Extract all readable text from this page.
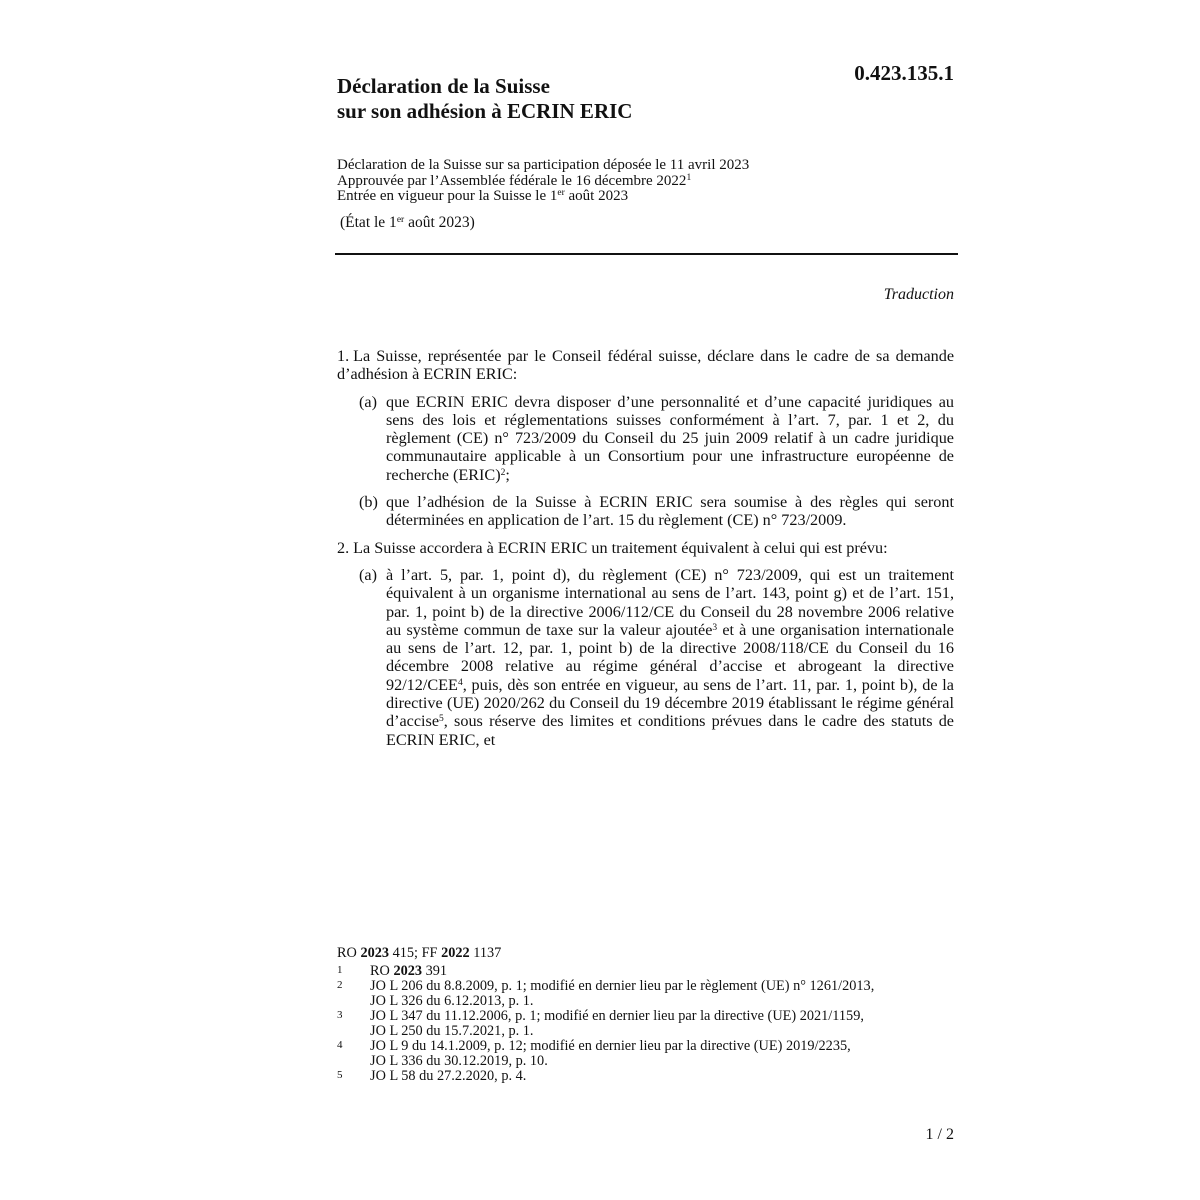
0.423.135.1
Déclaration de la Suisse
sur son adhésion à ECRIN ERIC
Déclaration de la Suisse sur sa participation déposée le 11 avril 2023
Approuvée par l’Assemblée fédérale le 16 décembre 2022$^1$
Entrée en vigueur pour la Suisse le 1er août 2023
(État le 1er août 2023)
Traduction

1. La Suisse, représentée par le Conseil fédéral suisse, déclare dans le cadre de sa demande d’adhésion à ECRIN ERIC:

(a) que ECRIN ERIC devra disposer d’une personnalité et d’une capacité juridiques au sens des lois et réglementations suisses conformément à l’art. 7, par. 1 et 2, du règlement (CE) n° 723/2009 du Conseil du 25 juin 2009 relatif à un cadre juridique communautaire applicable à un Consortium pour une infrastructure européenne de recherche (ERIC)$^2$;
(b) que l’adhésion de la Suisse à ECRIN ERIC sera soumise à des règles qui seront déterminées en application de l’art. 15 du règlement (CE) n° 723/2009.

2. La Suisse accordera à ECRIN ERIC un traitement équivalent à celui qui est prévu:

(a) à l’art. 5, par. 1, point d), du règlement (CE) n° 723/2009, qui est un traitement équivalent à un organisme international au sens de l’art. 143, point g) et de l’art. 151, par. 1, point b) de la directive 2006/112/CE du Conseil du 28 novembre 2006 relative au système commun de taxe sur la valeur ajoutée$^3$ et à une organisation internationale au sens de l’art. 12, par. 1, point b) de la directive 2008/118/CE du Conseil du 16 décembre 2008 relative au régime général d’accise et abrogeant la directive 92/12/CEE$^4$, puis, dès son entrée en vigueur, au sens de l’art. 11, par. 1, point b), de la directive (UE) 2020/262 du Conseil du 19 décembre 2019 établissant le régime général d’accise$^5$, sous réserve des limites et conditions prévues dans le cadre des statuts de ECRIN ERIC, et
RO 2023 415; FF 2022 1137
1 RO 2023 391
2 JO L 206 du 8.8.2009, p. 1; modifié en dernier lieu par le règlement (UE) n° 1261/2013,
JO L 326 du 6.12.2013, p. 1.
3 JO L 347 du 11.12.2006, p. 1; modifié en dernier lieu par la directive (UE) 2021/1159,
JO L 250 du 15.7.2021, p. 1.
4 JO L 9 du 14.1.2009, p. 12; modifié en dernier lieu par la directive (UE) 2019/2235,
JO L 336 du 30.12.2019, p. 10.
5 JO L 58 du 27.2.2020, p. 4.
1 / 2
